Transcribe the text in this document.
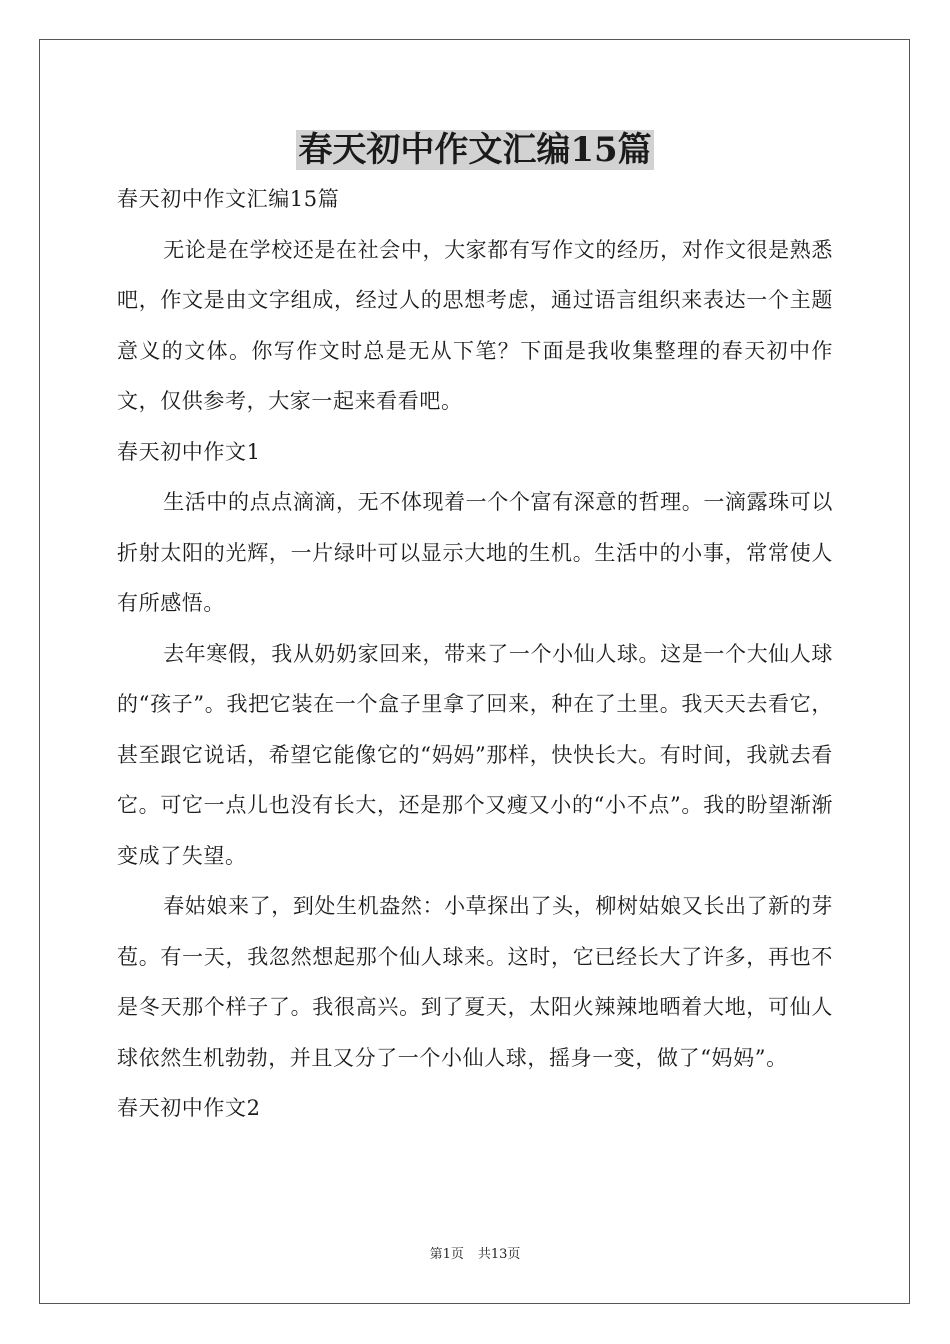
春天初中作文汇编15篇

春天初中作文汇编15篇

无论是在学校还是在社会中，大家都有写作文的经历，对作文很是熟悉吧，作文是由文字组成，经过人的思想考虑，通过语言组织来表达一个主题意义的文体。你写作文时总是无从下笔？下面是我收集整理的春天初中作文，仅供参考，大家一起来看看吧。

春天初中作文1

生活中的点点滴滴，无不体现着一个个富有深意的哲理。一滴露珠可以折射太阳的光辉，一片绿叶可以显示大地的生机。生活中的小事，常常使人有所感悟。

去年寒假，我从奶奶家回来，带来了一个小仙人球。这是一个大仙人球的“孩子”。我把它装在一个盒子里拿了回来，种在了土里。我天天去看它，甚至跟它说话，希望它能像它的“妈妈”那样，快快长大。有时间，我就去看它。可它一点儿也没有长大，还是那个又瘦又小的“小不点”。我的盼望渐渐变成了失望。

春姑娘来了，到处生机盎然：小草探出了头，柳树姑娘又长出了新的芽苞。有一天，我忽然想起那个仙人球来。这时，它已经长大了许多，再也不是冬天那个样子了。我很高兴。到了夏天，太阳火辣辣地晒着大地，可仙人球依然生机勃勃，并且又分了一个小仙人球，摇身一变，做了“妈妈”。

春天初中作文2

第1页 共13页
